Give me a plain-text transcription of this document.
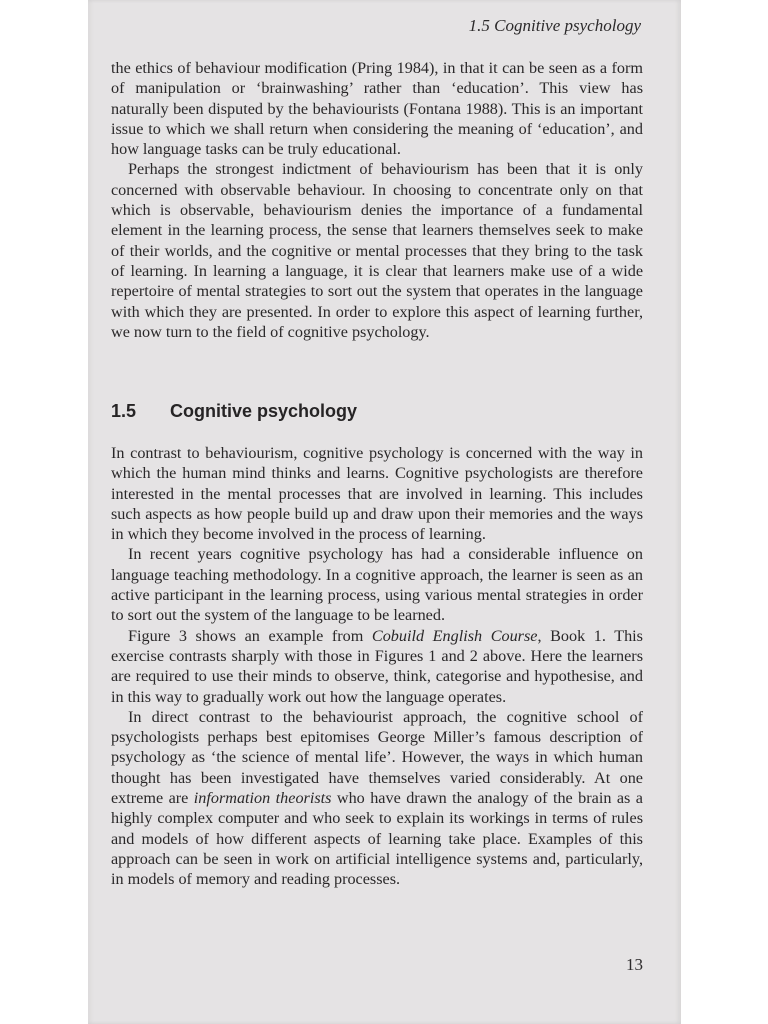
1.5 Cognitive psychology

the ethics of behaviour modification (Pring 1984), in that it can be seen as a form of manipulation or ‘brainwashing’ rather than ‘education’. This view has naturally been disputed by the behaviourists (Fontana 1988). This is an important issue to which we shall return when considering the meaning of ‘education’, and how language tasks can be truly educational.

Perhaps the strongest indictment of behaviourism has been that it is only concerned with observable behaviour. In choosing to concentrate only on that which is observable, behaviourism denies the importance of a fundamental element in the learning process, the sense that learners themselves seek to make of their worlds, and the cognitive or mental processes that they bring to the task of learning. In learning a language, it is clear that learners make use of a wide repertoire of mental strategies to sort out the system that operates in the language with which they are presented. In order to explore this aspect of learning further, we now turn to the field of cognitive psychology.

1.5 Cognitive psychology

In contrast to behaviourism, cognitive psychology is concerned with the way in which the human mind thinks and learns. Cognitive psychologists are therefore interested in the mental processes that are involved in learning. This includes such aspects as how people build up and draw upon their memories and the ways in which they become involved in the process of learning.

In recent years cognitive psychology has had a considerable influence on language teaching methodology. In a cognitive approach, the learner is seen as an active participant in the learning process, using various mental strategies in order to sort out the system of the language to be learned.

Figure 3 shows an example from Cobuild English Course, Book 1. This exercise contrasts sharply with those in Figures 1 and 2 above. Here the learners are required to use their minds to observe, think, categorise and hypothesise, and in this way to gradually work out how the language operates.

In direct contrast to the behaviourist approach, the cognitive school of psychologists perhaps best epitomises George Miller’s famous description of psychology as ‘the science of mental life’. However, the ways in which human thought has been investigated have themselves varied considerably. At one extreme are information theorists who have drawn the analogy of the brain as a highly complex computer and who seek to explain its workings in terms of rules and models of how different aspects of learning take place. Examples of this approach can be seen in work on artificial intelligence systems and, particularly, in models of memory and reading processes.

13
